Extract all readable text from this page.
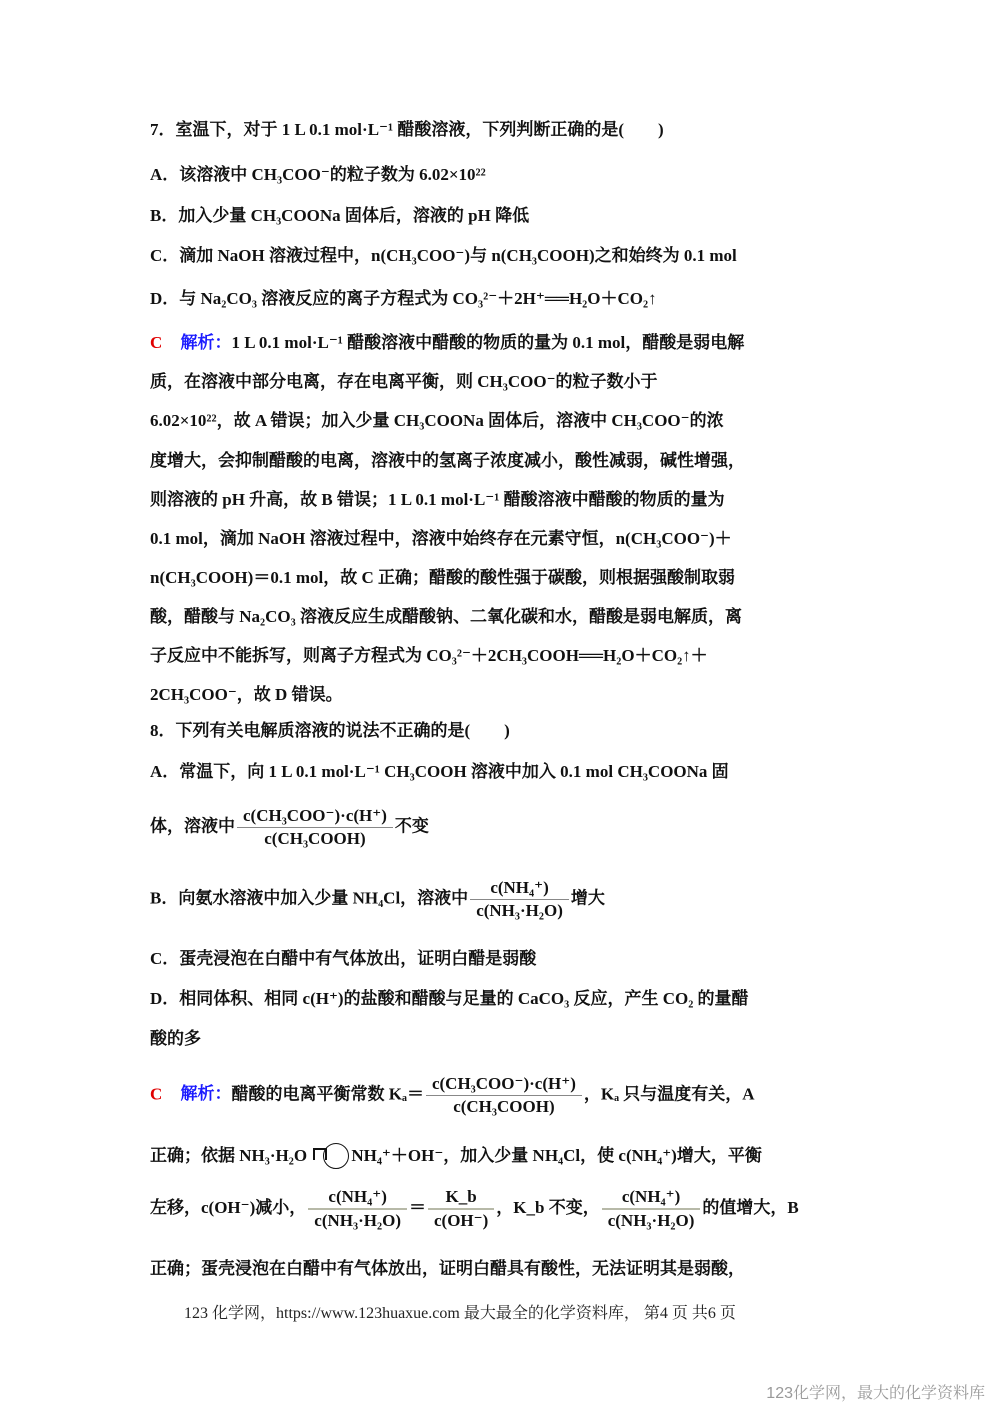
7．室温下，对于 1 L 0.1 mol·L⁻¹ 醋酸溶液，下列判断正确的是(　　)
A．该溶液中 CH₃COO⁻的粒子数为 6.02×10²²
B．加入少量 CH₃COONa 固体后，溶液的 pH 降低
C．滴加 NaOH 溶液过程中，n(CH₃COO⁻)与 n(CH₃COOH)之和始终为 0.1 mol
D．与 Na₂CO₃ 溶液反应的离子方程式为 CO₃²⁻＋2H⁺══H₂O＋CO₂↑
C 解析：1 L 0.1 mol·L⁻¹ 醋酸溶液中醋酸的物质的量为 0.1 mol，醋酸是弱电解
质，在溶液中部分电离，存在电离平衡，则 CH₃COO⁻的粒子数小于
6.02×10²²，故 A 错误；加入少量 CH₃COONa 固体后，溶液中 CH₃COO⁻的浓
度增大，会抑制醋酸的电离，溶液中的氢离子浓度减小，酸性减弱，碱性增强，
则溶液的 pH 升高，故 B 错误；1 L 0.1 mol·L⁻¹ 醋酸溶液中醋酸的物质的量为
0.1 mol，滴加 NaOH 溶液过程中，溶液中始终存在元素守恒，n(CH₃COO⁻)＋
n(CH₃COOH)＝0.1 mol，故 C 正确；醋酸的酸性强于碳酸，则根据强酸制取弱
酸，醋酸与 Na₂CO₃ 溶液反应生成醋酸钠、二氧化碳和水，醋酸是弱电解质，离
子反应中不能拆写，则离子方程式为 CO₃²⁻＋2CH₃COOH══H₂O＋CO₂↑＋
2CH₃COO⁻，故 D 错误。
8．下列有关电解质溶液的说法不正确的是(　　)
A．常温下，向 1 L 0.1 mol·L⁻¹ CH₃COOH 溶液中加入 0.1 mol CH₃COONa 固
体，溶液中 $\frac{\text{c(CH₃COO⁻)·c(H⁺)}}{\text{c(CH₃COOH)}}$ 不变
B．向氨水溶液中加入少量 NH₄Cl，溶液中 $\frac{\text{c(NH₄⁺)}}{\text{c(NH₃·H₂O)}}$ 增大
C．蛋壳浸泡在白醋中有气体放出，证明白醋是弱酸
D．相同体积、相同 c(H⁺)的盐酸和醋酸与足量的 CaCO₃ 反应，产生 CO₂ 的量醋
酸的多
C 解析：醋酸的电离平衡常数 $K_a= \frac{\text{c(CH₃COO⁻)·c(H⁺)}}{\text{c(CH₃COOH)}}$ ，Kₐ 只与温度有关，A
正确；依据 NH₃·H₂O	NH₄⁺＋OH⁻，加入少量 NH₄Cl，使 c(NH₄⁺)增大，平衡
左移，c(OH⁻)减小， $\frac{\text{c(NH₄⁺)}}{\text{c(NH₃·H₂O)}} = \frac{K\_b}{c(OH^-)}$ ，K_b 不变， $\frac{\text{c(NH₄⁺)}}{\text{c(NH₃·H₂O)}}$ 的值增大，B
正确；蛋壳浸泡在白醋中有气体放出，证明白醋具有酸性，无法证明其是弱酸，
123 化学网，https://www.123huaxue.com 最大最全的化学资料库， 第4 页 共6 页
123化学网，最大的化学资料库
